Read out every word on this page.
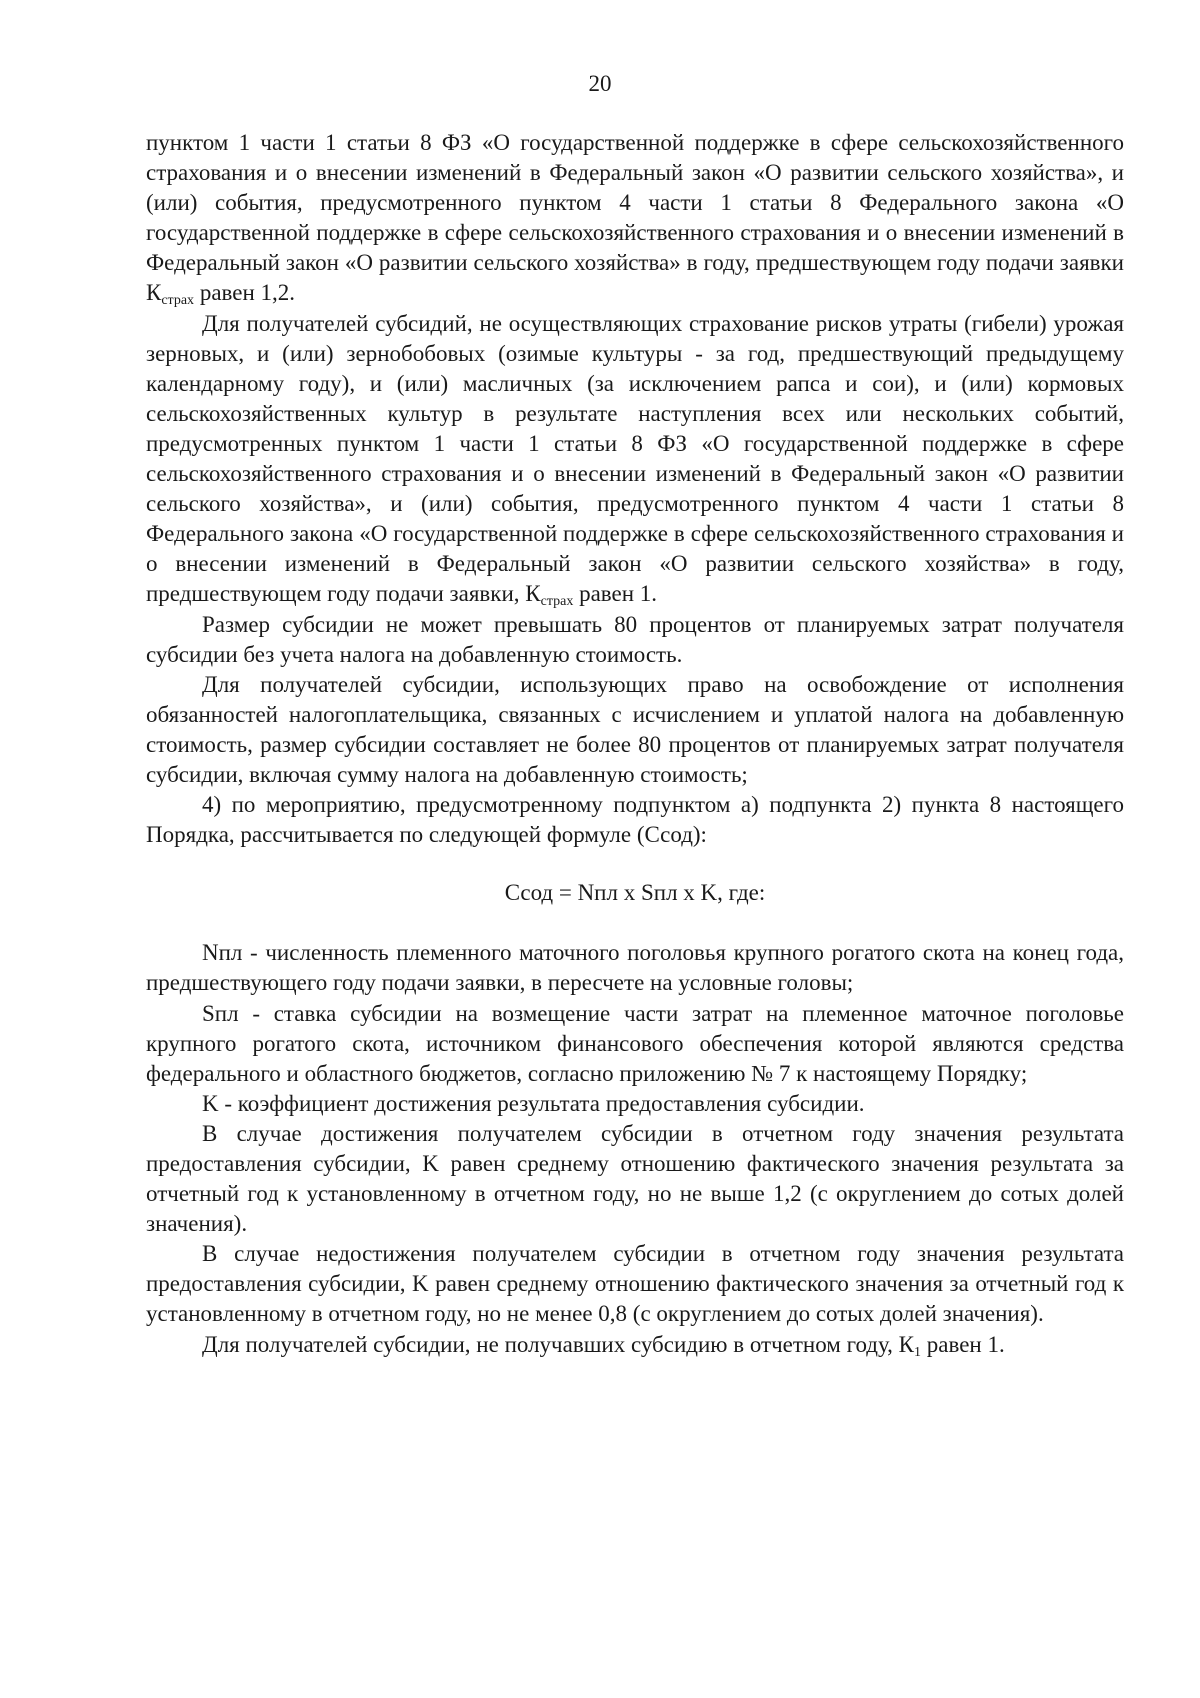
20

пунктом 1 части 1 статьи 8 ФЗ «О государственной поддержке в сфере сельскохозяйственного страхования и о внесении изменений в Федеральный закон «О развитии сельского хозяйства», и (или) события, предусмотренного пунктом 4 части 1 статьи 8 Федерального закона «О государственной поддержке в сфере сельскохозяйственного страхования и о внесении изменений в Федеральный закон «О развитии сельского хозяйства» в году, предшествующем году подачи заявки $К_{страх}$ равен 1,2.

Для получателей субсидий, не осуществляющих страхование рисков утраты (гибели) урожая зерновых, и (или) зернобобовых (озимые культуры - за год, предшествующий предыдущему календарному году), и (или) масличных (за исключением рапса и сои), и (или) кормовых сельскохозяйственных культур в результате наступления всех или нескольких событий, предусмотренных пунктом 1 части 1 статьи 8 ФЗ «О государственной поддержке в сфере сельскохозяйственного страхования и о внесении изменений в Федеральный закон «О развитии сельского хозяйства», и (или) события, предусмотренного пунктом 4 части 1 статьи 8 Федерального закона «О государственной поддержке в сфере сельскохозяйственного страхования и о внесении изменений в Федеральный закон «О развитии сельского хозяйства» в году, предшествующем году подачи заявки, $К_{страх}$ равен 1.

Размер субсидии не может превышать 80 процентов от планируемых затрат получателя субсидии без учета налога на добавленную стоимость.

Для получателей субсидии, использующих право на освобождение от исполнения обязанностей налогоплательщика, связанных с исчислением и уплатой налога на добавленную стоимость, размер субсидии составляет не более 80 процентов от планируемых затрат получателя субсидии, включая сумму налога на добавленную стоимость;

4) по мероприятию, предусмотренному подпунктом а) подпункта 2) пункта 8 настоящего Порядка, рассчитывается по следующей формуле (Ссод):

Ссод = Nпл x Sпл x K, где:

Nпл - численность племенного маточного поголовья крупного рогатого скота на конец года, предшествующего году подачи заявки, в пересчете на условные головы;

Sпл - ставка субсидии на возмещение части затрат на племенное маточное поголовье крупного рогатого скота, источником финансового обеспечения которой являются средства федерального и областного бюджетов, согласно приложению № 7 к настоящему Порядку;

K - коэффициент достижения результата предоставления субсидии.

В случае достижения получателем субсидии в отчетном году значения результата предоставления субсидии, K равен среднему отношению фактического значения результата за отчетный год к установленному в отчетном году, но не выше 1,2 (с округлением до сотых долей значения).

В случае недостижения получателем субсидии в отчетном году значения результата предоставления субсидии, K равен среднему отношению фактического значения за отчетный год к установленному в отчетном году, но не менее 0,8 (с округлением до сотых долей значения).

Для получателей субсидии, не получавших субсидию в отчетном году, $К_1$ равен 1.
